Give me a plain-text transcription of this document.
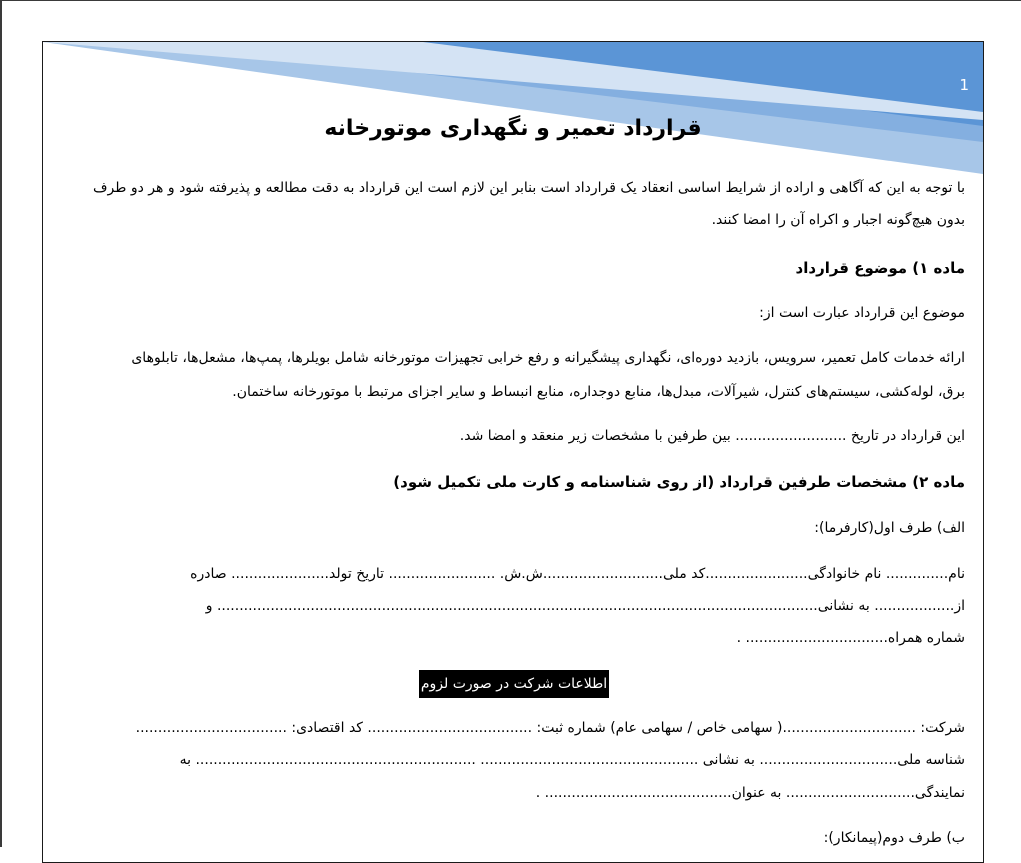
1
قرارداد تعمیر و نگهداری موتورخانه
با توجه به این که آگاهی و اراده از شرایط اساسی انعقاد یک قرارداد است بنابر این لازم است این قرارداد به دقت مطالعه و پذیرفته شود و هر دو طرف
بدون هیچ‌گونه اجبار و اکراه آن را امضا کنند.
ماده ۱) موضوع قرارداد
موضوع این قرارداد عبارت است از:
ارائه خدمات کامل تعمیر، سرویس، بازدید دوره‌ای، نگهداری پیشگیرانه و رفع خرابی تجهیزات موتورخانه شامل بویلرها، پمپ‌ها، مشعل‌ها، تابلوهای
برق، لوله‌کشی، سیستم‌های کنترل، شیرآلات، مبدل‌ها، منابع دوجداره، منابع انبساط و سایر اجزای مرتبط با موتورخانه ساختمان.
این قرارداد در تاریخ ......................... بین طرفین با مشخصات زیر منعقد و امضا شد.
ماده ۲) مشخصات طرفین قرارداد (از روی شناسنامه و کارت ملی تکمیل شود)
الف) طرف اول(کارفرما):
نام.............. نام خانوادگی.......................کد ملی...........................ش.ش. ........................ تاریخ تولد...................... صادره
از.................. به نشانی....................................................................................................................................... و
شماره همراه................................ .
اطلاعات شرکت در صورت لزوم
شرکت: ..............................( سهامی خاص / سهامی عام) شماره ثبت: ..................................... کد اقتصادی: ..................................
شناسه ملی............................... به نشانی ................................................. ............................................................... به
نمایندگی............................. به عنوان.......................................... .
ب) طرف دوم(پیمانکار):
